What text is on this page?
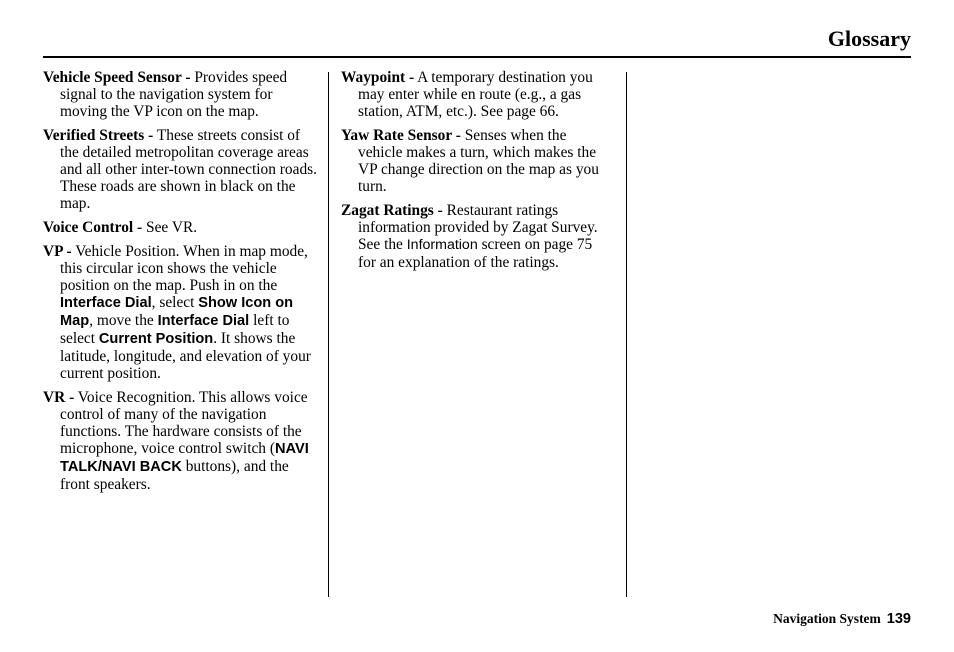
Glossary

Vehicle Speed Sensor - Provides speed signal to the navigation system for moving the VP icon on the map.

Verified Streets - These streets consist of the detailed metropolitan coverage areas and all other inter-town connection roads. These roads are shown in black on the map.

Voice Control - See VR.

VP - Vehicle Position. When in map mode, this circular icon shows the vehicle position on the map. Push in on the Interface Dial, select Show Icon on Map, move the Interface Dial left to select Current Position. It shows the latitude, longitude, and elevation of your current position.

VR - Voice Recognition. This allows voice control of many of the navigation functions. The hardware consists of the microphone, voice control switch (NAVI TALK/NAVI BACK buttons), and the front speakers.

Waypoint - A temporary destination you may enter while en route (e.g., a gas station, ATM, etc.). See page 66.

Yaw Rate Sensor - Senses when the vehicle makes a turn, which makes the VP change direction on the map as you turn.

Zagat Ratings - Restaurant ratings information provided by Zagat Survey. See the Information screen on page 75 for an explanation of the ratings.

Navigation System 139
